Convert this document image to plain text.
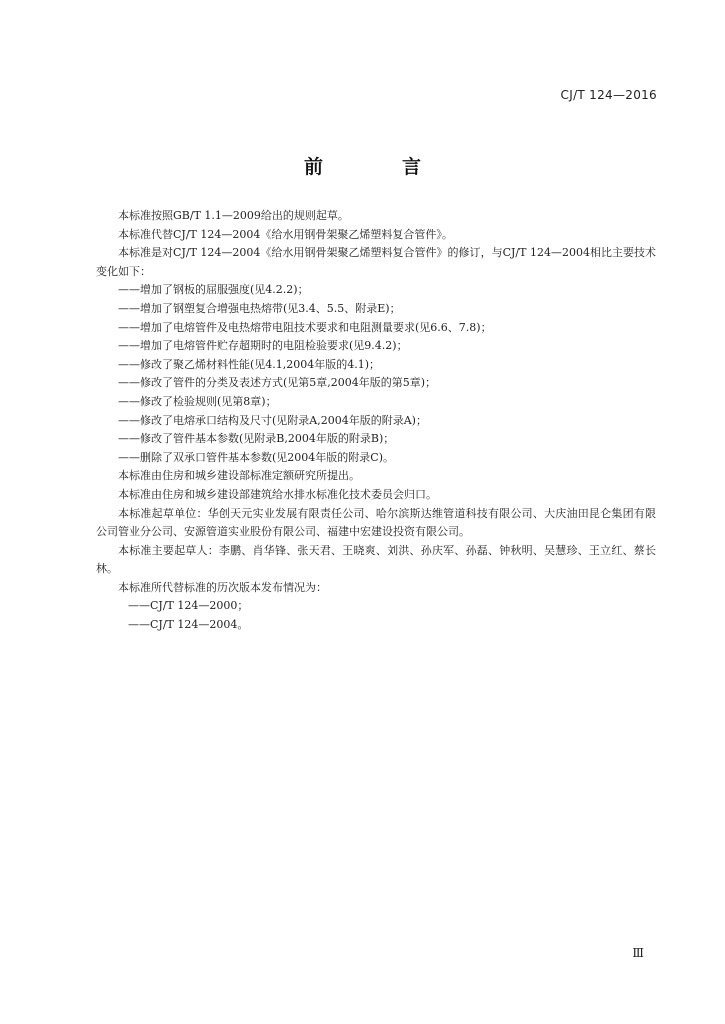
CJ/T 124—2016
前　言

本标准按照GB/T 1.1—2009给出的规则起草。

本标准代替CJ/T 124—2004《给水用钢骨架聚乙烯塑料复合管件》。

本标准是对CJ/T 124—2004《给水用钢骨架聚乙烯塑料复合管件》的修订，与CJ/T 124—2004相比主要技术变化如下：

——增加了钢板的屈服强度(见4.2.2)；

——增加了钢塑复合增强电热熔带(见3.4、5.5、附录E)；

——增加了电熔管件及电热熔带电阻技术要求和电阻测量要求(见6.6、7.8)；

——增加了电熔管件贮存超期时的电阻检验要求(见9.4.2)；

——修改了聚乙烯材料性能(见4.1,2004年版的4.1)；

——修改了管件的分类及表述方式(见第5章,2004年版的第5章)；

——修改了检验规则(见第8章)；

——修改了电熔承口结构及尺寸(见附录A,2004年版的附录A)；

——修改了管件基本参数(见附录B,2004年版的附录B)；

——删除了双承口管件基本参数(见2004年版的附录C)。

本标准由住房和城乡建设部标准定额研究所提出。

本标准由住房和城乡建设部建筑给水排水标准化技术委员会归口。

本标准起草单位：华创天元实业发展有限责任公司、哈尔滨斯达维管道科技有限公司、大庆油田昆仑集团有限公司管业分公司、安源管道实业股份有限公司、福建中宏建设投资有限公司。

本标准主要起草人：李鹏、肖华锋、张天君、王晓爽、刘洪、孙庆军、孙磊、钟秋明、吴慧珍、王立红、蔡长林。

本标准所代替标准的历次版本发布情况为：

——CJ/T 124—2000；

——CJ/T 124—2004。

Ⅲ
